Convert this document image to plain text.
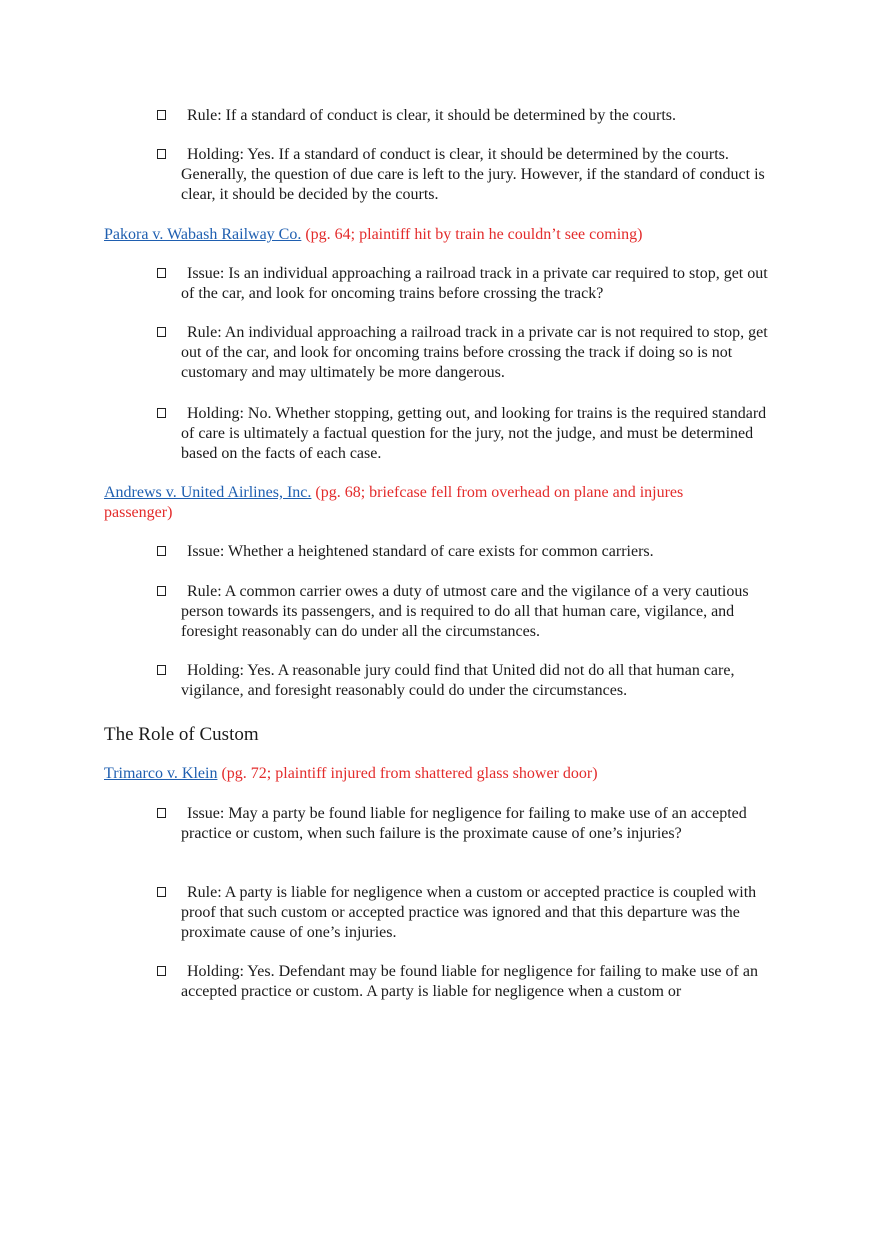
Rule: If a standard of conduct is clear, it should be determined by the courts.
Holding: Yes. If a standard of conduct is clear, it should be determined by the courts. Generally, the question of due care is left to the jury. However, if the standard of conduct is clear, it should be decided by the courts.
Pakora v. Wabash Railway Co. (pg. 64; plaintiff hit by train he couldn’t see coming)
Issue: Is an individual approaching a railroad track in a private car required to stop, get out of the car, and look for oncoming trains before crossing the track?
Rule: An individual approaching a railroad track in a private car is not required to stop, get out of the car, and look for oncoming trains before crossing the track if doing so is not customary and may ultimately be more dangerous.
Holding: No. Whether stopping, getting out, and looking for trains is the required standard of care is ultimately a factual question for the jury, not the judge, and must be determined based on the facts of each case.
Andrews v. United Airlines, Inc. (pg. 68; briefcase fell from overhead on plane and injures passenger)
Issue: Whether a heightened standard of care exists for common carriers.
Rule: A common carrier owes a duty of utmost care and the vigilance of a very cautious person towards its passengers, and is required to do all that human care, vigilance, and foresight reasonably can do under all the circumstances.
Holding: Yes. A reasonable jury could find that United did not do all that human care, vigilance, and foresight reasonably could do under the circumstances.
The Role of Custom
Trimarco v. Klein (pg. 72; plaintiff injured from shattered glass shower door)
Issue: May a party be found liable for negligence for failing to make use of an accepted practice or custom, when such failure is the proximate cause of one’s injuries?
Rule: A party is liable for negligence when a custom or accepted practice is coupled with proof that such custom or accepted practice was ignored and that this departure was the proximate cause of one’s injuries.
Holding: Yes. Defendant may be found liable for negligence for failing to make use of an accepted practice or custom. A party is liable for negligence when a custom or
